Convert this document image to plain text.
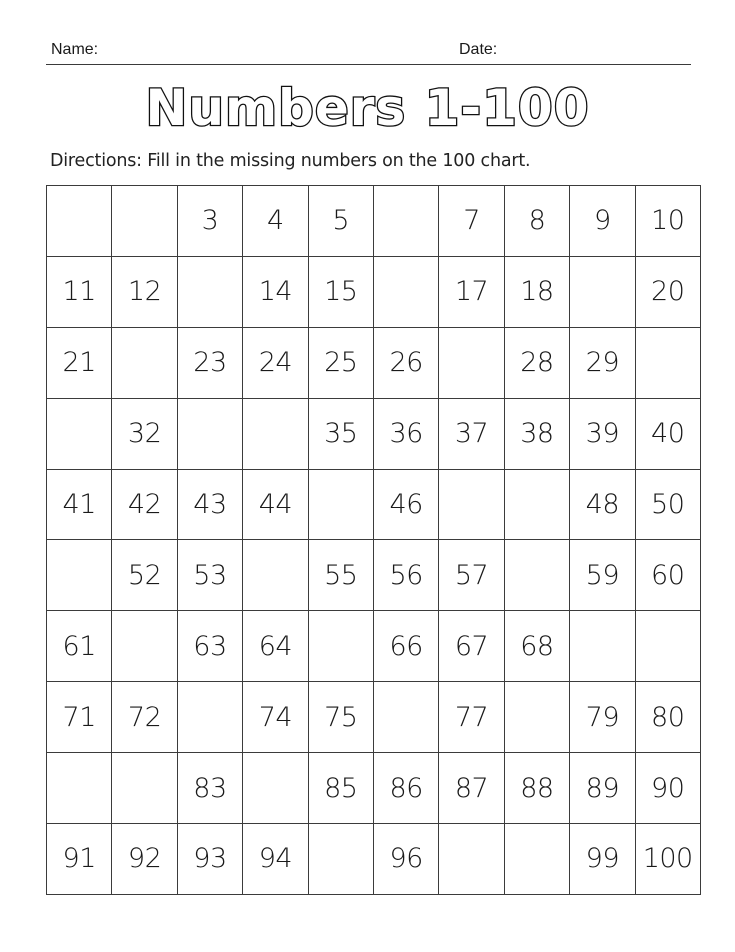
Name:	Date:
Numbers 1-100
Directions: Fill in the missing numbers on the 100 chart.
		3	4	5		7	8	9	10
11	12		14	15		17	18		20
21		23	24	25	26		28	29	
	32			35	36	37	38	39	40
41	42	43	44		46			48	50
	52	53		55	56	57		59	60
61		63	64		66	67	68		
71	72		74	75		77		79	80
		83		85	86	87	88	89	90
91	92	93	94		96			99	100
